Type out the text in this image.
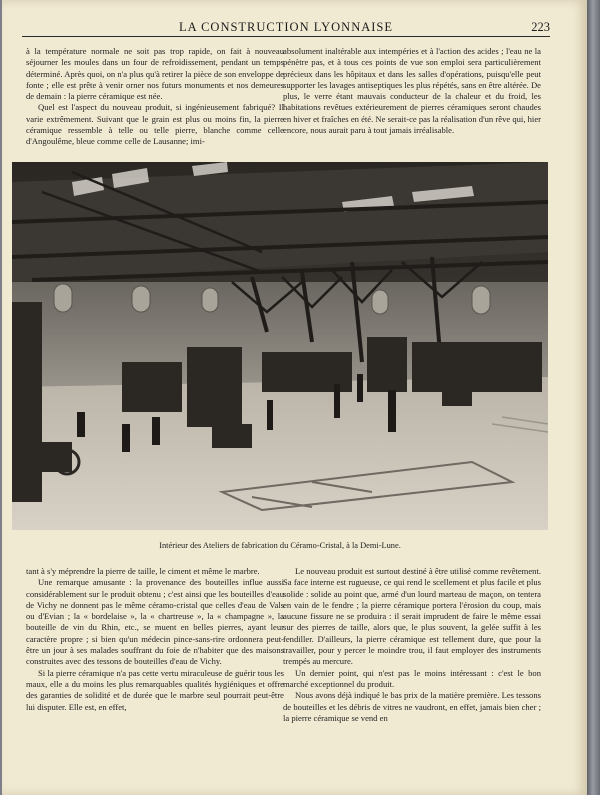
LA CONSTRUCTION LYONNAISE	223

à la température normale ne soit pas trop rapide, on fait à nouveau séjourner les moules dans un four de refroidissement, pendant un temps déterminé. Après quoi, on n'a plus qu'à retirer la pièce de son enveloppe de fonte ; elle est prête à venir orner nos futurs monuments et nos demeures de demain : la pierre céramique est née.

Quel est l'aspect du nouveau produit, si ingénieusement fabriqué? Il varie extrêmement. Suivant que le grain est plus ou moins fin, la pierre céramique ressemble à telle ou telle pierre, blanche comme celle d'Angoulême, bleue comme celle de Lausanne; imi-

absolument inaltérable aux intempéries et à l'action des acides ; l'eau ne la pénètre pas, et à tous ces points de vue son emploi sera particulièrement précieux dans les hôpitaux et dans les salles d'opérations, puisqu'elle peut supporter les lavages antiseptiques les plus répétés, sans en être altérée. De plus, le verre étant mauvais conducteur de la chaleur et du froid, les habitations revêtues extérieurement de pierres céramiques seront chaudes en hiver et fraîches en été. Ne serait-ce pas la réalisation d'un rêve qui, hier encore, nous aurait paru à tout jamais irréalisable.

Intérieur des Ateliers de fabrication du Céramo-Cristal, à la Demi-Lune.

tant à s'y méprendre la pierre de taille, le ciment et même le marbre.

Une remarque amusante : la provenance des bouteilles influe aussi considérablement sur le produit obtenu ; c'est ainsi que les bouteilles d'eau de Vichy ne donnent pas le même céramo-cristal que celles d'eau de Vals ou d'Evian ; la « bordelaise », la « chartreuse », la « champagne », la bouteille de vin du Rhin, etc., se muent en belles pierres, ayant leur caractère propre ; si bien qu'un médecin pince-sans-rire ordonnera peut-être un jour à ses malades souffrant du foie de n'habiter que des maisons construites avec des tessons de bouteilles d'eau de Vichy.

Si la pierre céramique n'a pas cette vertu miraculeuse de guérir tous les maux, elle a du moins les plus remarquables qualités hygiéniques et offre des garanties de solidité et de durée que le marbre seul pourrait peut-être lui disputer. Elle est, en effet,

Le nouveau produit est surtout destiné à être utilisé comme revêtement. Sa face interne est rugueuse, ce qui rend le scellement et plus facile et plus solide : solide au point que, armé d'un lourd marteau de maçon, on tentera en vain de le fendre ; la pierre céramique portera l'érosion du coup, mais aucune fissure ne se produira : il serait imprudent de faire le même essai sur des pierres de taille, alors que, le plus souvent, la gelée suffit à les fendiller. D'ailleurs, la pierre céramique est tellement dure, que pour la travailler, pour y percer le moindre trou, il faut employer des instruments trempés au mercure.

Un dernier point, qui n'est pas le moins intéressant : c'est le bon marché exceptionnel du produit.

Nous avons déjà indiqué le bas prix de la matière première. Les tessons de bouteilles et les débris de vitres ne vaudront, en effet, jamais bien cher ; la pierre céramique se vend en
